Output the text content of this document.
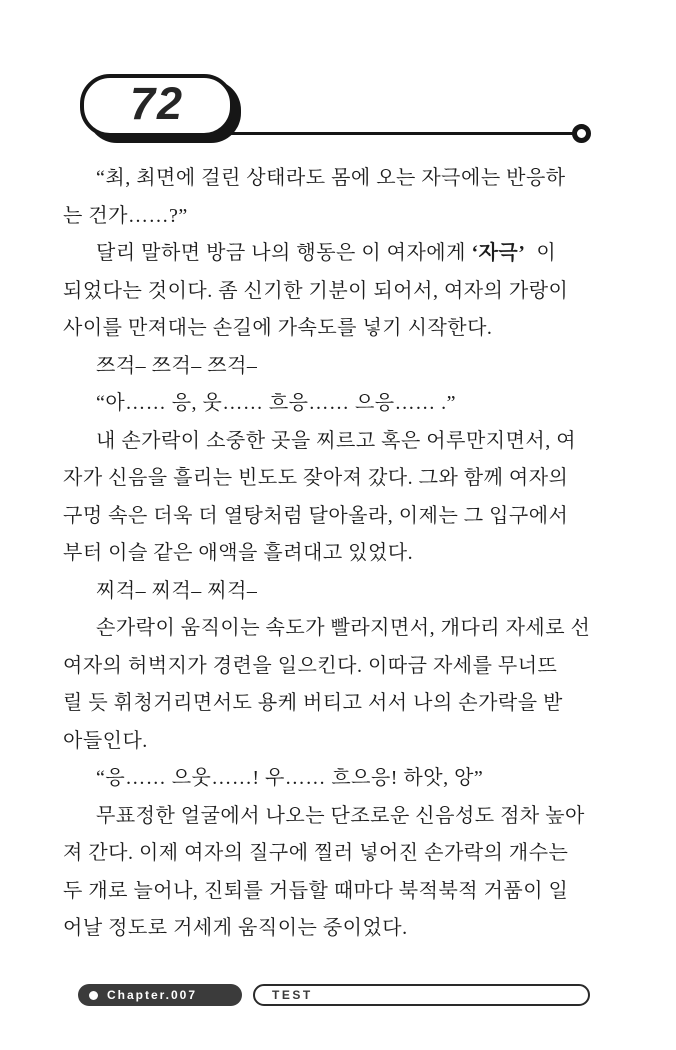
72
“최, 최면에 걸린 상태라도 몸에 오는 자극에는 반응하
는 건가……?”
달리 말하면 방금 나의 행동은 이 여자에게 ‘자극’  이
되었다는 것이다. 좀 신기한 기분이 되어서, 여자의 가랑이
사이를 만져대는 손길에 가속도를 넣기 시작한다.
쯔걱– 쯔걱– 쯔걱–
“아…… 응, 웃…… 흐응…… 으응…… .”
내 손가락이 소중한 곳을 찌르고 혹은 어루만지면서, 여
자가 신음을 흘리는 빈도도 잦아져 갔다. 그와 함께 여자의
구멍 속은 더욱 더 열탕처럼 달아올라, 이제는 그 입구에서
부터 이슬 같은 애액을 흘려대고 있었다.
찌걱– 찌걱– 찌걱–
손가락이 움직이는 속도가 빨라지면서, 개다리 자세로 선
여자의 허벅지가 경련을 일으킨다. 이따금 자세를 무너뜨
릴 듯 휘청거리면서도 용케 버티고 서서 나의 손가락을 받
아들인다.
“응…… 으웃……! 우…… 흐으응! 하앗, 앙”
무표정한 얼굴에서 나오는 단조로운 신음성도 점차 높아
져 간다. 이제 여자의 질구에 찔러 넣어진 손가락의 개수는
두 개로 늘어나, 진퇴를 거듭할 때마다 북적북적 거품이 일
어날 정도로 거세게 움직이는 중이었다.
Chapter.007	TEST
